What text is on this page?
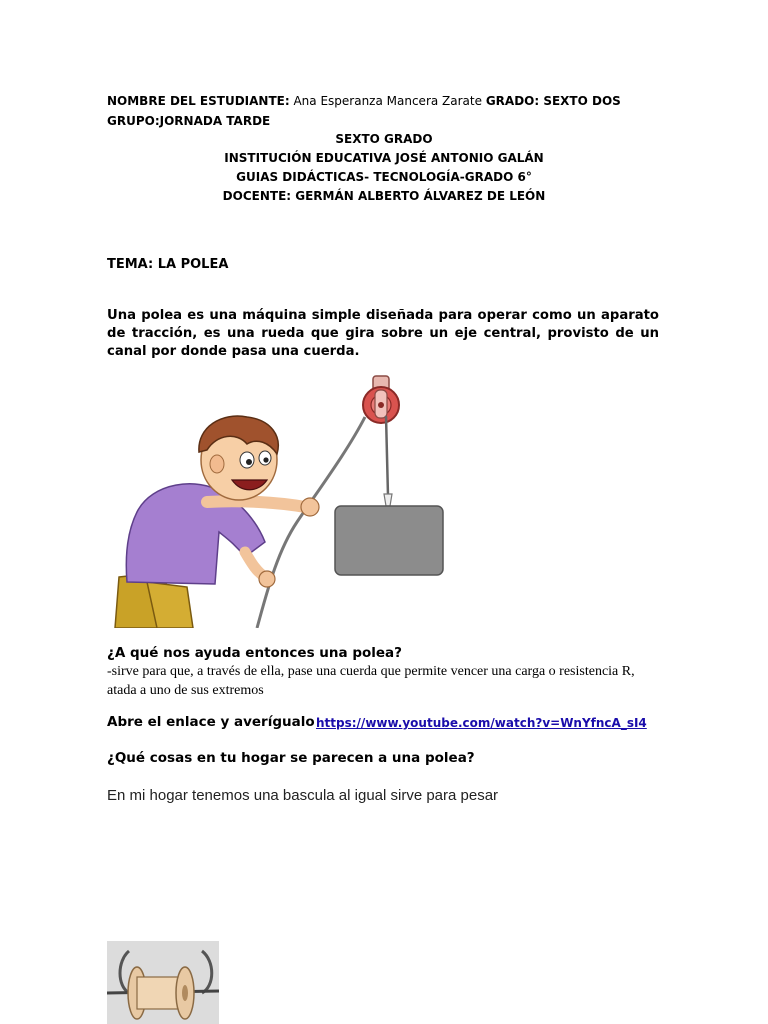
NOMBRE DEL ESTUDIANTE: Ana Esperanza Mancera Zarate GRADO: SEXTO DOS
GRUPO:JORNADA TARDE
SEXTO GRADO
INSTITUCIÓN EDUCATIVA JOSÉ ANTONIO GALÁN
GUIAS DIDÁCTICAS- TECNOLOGÍA-GRADO 6°
DOCENTE: GERMÁN ALBERTO ÁLVAREZ DE LEÓN
TEMA: LA POLEA
Una polea es una máquina simple diseñada para operar como un aparato de tracción, es una rueda que gira sobre un eje central, provisto de un canal por donde pasa una cuerda.
¿A qué nos ayuda entonces una polea?
-sirve para que, a través de ella, pase una cuerda que permite vencer una carga o resistencia R,
atada a uno de sus extremos
Abre el enlace y averígualo https://www.youtube.com/watch?v=WnYfncA_sI4
¿Qué cosas en tu hogar se parecen a una polea?
En mi hogar tenemos una bascula al igual sirve para pesar
